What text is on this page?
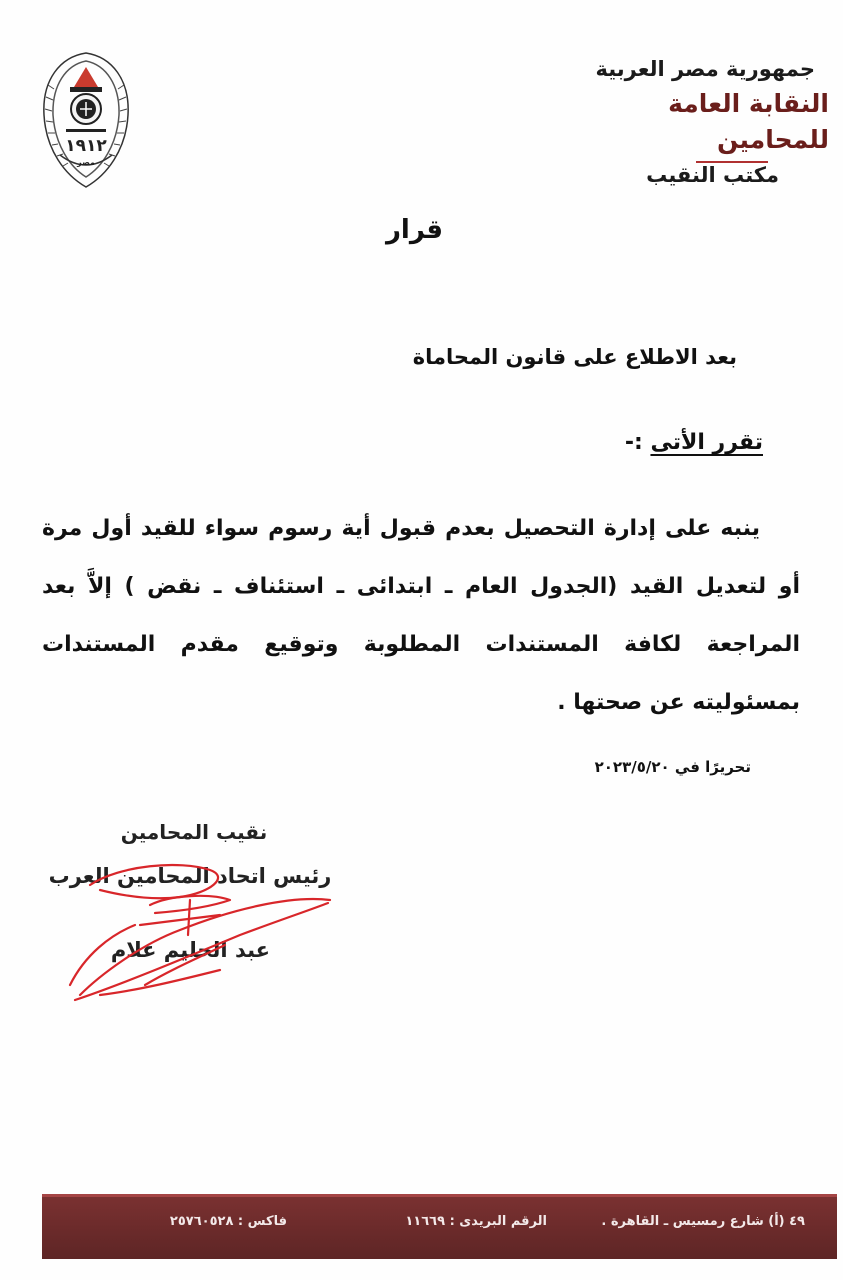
١٩١٢
مصر
جمهورية مصر العربية
النقابة العامة للمحامين
مكتب النقيب
قرار
بعد الاطلاع على قانون المحاماة
تقرر الأتى :-
ينبه على إدارة التحصيل بعدم قبول أية رسوم سواء للقيد أول مرة أو لتعديل القيد (الجدول العام ـ ابتدائى ـ استئناف ـ نقض ) إلاَّ بعد المراجعة لكافة المستندات المطلوبة وتوقيع مقدم المستندات بمسئوليته عن صحتها .
تحريرًا في ٢٠٢٣/٥/٢٠
نقيب المحامين
رئيس اتحاد المحامين العرب
عبد الحليم علام
٤٩ (أ) شارع رمسيس ـ القاهرة .
الرقم البريدى : ١١٦٦٩
فاكس : ٢٥٧٦٠٥٢٨
